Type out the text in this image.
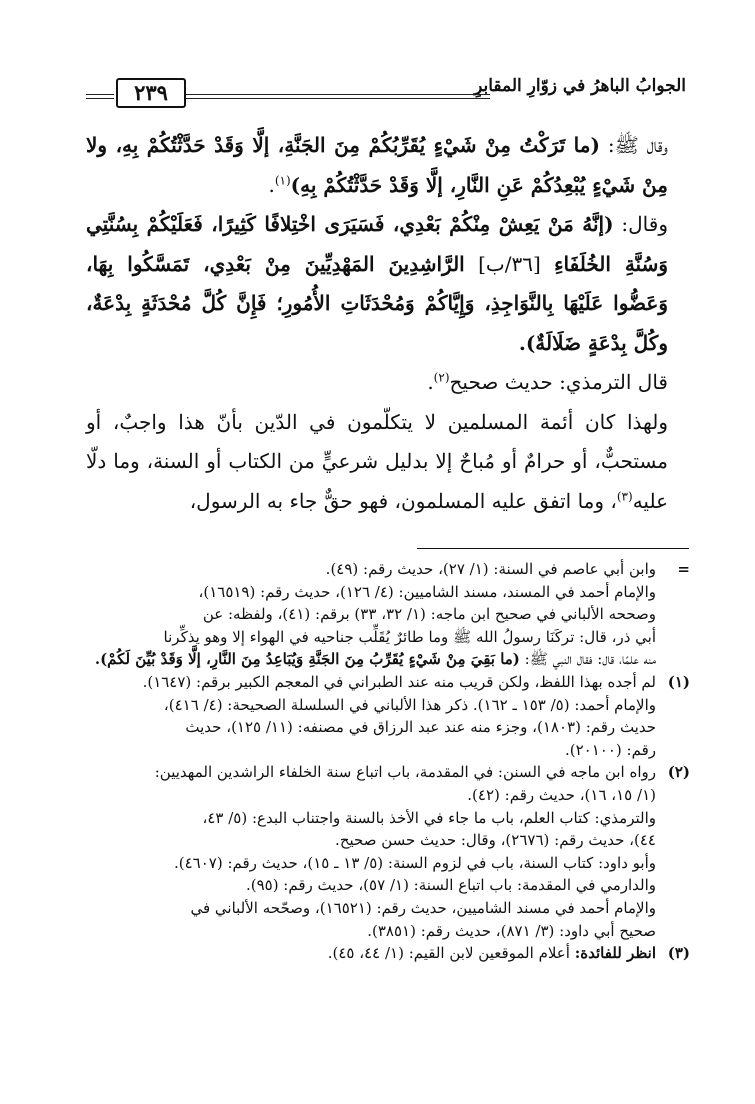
الجوابُ الباهرُ في زوّارِ المقابرِ
٢٣٩

وقال ﷺ: (ما تَرَكْتُ مِنْ شَيْءٍ يُقَرِّبُكُمْ مِنَ الجَنَّةِ، إلَّا وَقَدْ حَدَّثْتُكُمْ بِهِ، ولا مِنْ شَيْءٍ يُبْعِدُكُمْ عَنِ النَّارِ، إلَّا وَقَدْ حَدَّثْتُكُمْ بِهِ)$^{(١)}$.

وقال: (إنَّهُ مَنْ يَعِشْ مِنْكُمْ بَعْدِي، فَسَيَرَى اخْتِلافًا كَثِيرًا، فَعَلَيْكُمْ بِسُنَّتِي وَسُنَّةِ الخُلَفَاءِ [٣٦/ب] الرَّاشِدِينَ المَهْدِيِّينَ مِنْ بَعْدِي، تَمَسَّكُوا بِهَا، وَعَضُّوا عَلَيْهَا بِالنَّوَاجِذِ، وَإِيَّاكُمْ وَمُحْدَثَاتِ الأُمُورِ؛ فَإِنَّ كُلَّ مُحْدَثَةٍ بِدْعَةٌ، وكُلَّ بِدْعَةٍ ضَلَالَةٌ).

قال الترمذي: حديث صحيح$^{(٢)}$.

ولهذا كان أئمة المسلمين لا يتكلّمون في الدّين بأنّ هذا واجبٌ، أو مستحبٌّ، أو حرامٌ أو مُباحٌ إلا بدليل شرعيٍّ من الكتاب أو السنة، وما دلّا عليه$^{(٣)}$، وما اتفق عليه المسلمون، فهو حقٌّ جاء به الرسول،

=
وابن أبي عاصم في السنة: (١/ ٢٧)، حديث رقم: (٤٩).
والإمام أحمد في المسند، مسند الشاميين: (٤/ ١٢٦)، حديث رقم: (١٦٥١٩)،
وصححه الألباني في صحيح ابن ماجه: (١/ ٣٢، ٣٣) برقم: (٤١)، ولفظه: عن
أبي ذر، قال: تركَنَا رسولُ الله ﷺ وما طائرٌ يُقَلِّب جناحيه في الهواء إلا وهو يذكِّرنا
منه علمًا، قال: فقال النبي ﷺ: (ما بَقِيَ مِنْ شَيْءٍ يُقَرِّبُ مِنَ الجَنَّةِ وَيُبَاعِدُ مِنَ النَّارِ، إلَّا وَقَدْ بُيِّنَ لَكُمْ).
(١)
لم أجده بهذا اللفظ، ولكن قريب منه عند الطبراني في المعجم الكبير برقم: (١٦٤٧).
والإمام أحمد: (٥/ ١٥٣ ـ ١٦٢). ذكر هذا الألباني في السلسلة الصحيحة: (٤/ ٤١٦)،
حديث رقم: (١٨٠٣)، وجزء منه عند عبد الرزاق في مصنفه: (١١/ ١٢٥)، حديث
رقم: (٢٠١٠٠).
(٢)
رواه ابن ماجه في السنن: في المقدمة، باب اتباع سنة الخلفاء الراشدين المهديين:
(١/ ١٥، ١٦)، حديث رقم: (٤٢).
والترمذي: كتاب العلم، باب ما جاء في الأخذ بالسنة واجتناب البدع: (٥/ ٤٣،
٤٤)، حديث رقم: (٢٦٧٦)، وقال: حديث حسن صحيح.
وأبو داود: كتاب السنة، باب في لزوم السنة: (٥/ ١٣ ـ ١٥)، حديث رقم: (٤٦٠٧).
والدارمي في المقدمة: باب اتباع السنة: (١/ ٥٧)، حديث رقم: (٩٥).
والإمام أحمد في مسند الشاميين، حديث رقم: (١٦٥٢١)، وصحّحه الألباني في
صحيح أبي داود: (٣/ ٨٧١)، حديث رقم: (٣٨٥١).
(٣)
انظر للفائدة: أعلام الموقعين لابن القيم: (١/ ٤٤، ٤٥).
